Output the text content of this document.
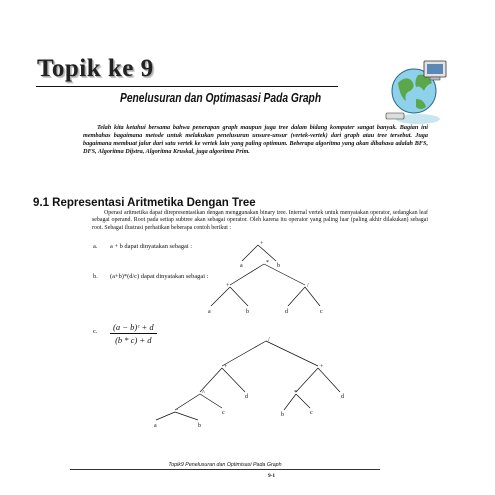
Topik ke 9
Penelusuran dan Optimasasi Pada Graph

Telah kita ketahui bersama bahwa penerapan graph maupun juga tree dalam bidang komputer sangat banyak. Bagian ini membahas bagaimana metode untuk melakukan penelusuran unsure-unsur (vertek-vertek) dari graph atau tree tersebut. Juga bagaimana membuat jalur dari satu vertek ke vertek lain yang paling optimum. Beberapa algoritma yang akan dibahasa adalah BFS, DFS, Algoritma Dijstra, Algoritma Kruskal, juga algoritma Prim.

9.1 Representasi Aritmetika Dengan Tree

Operasi aritmetika dapat direpresentasikan dengan menggunakan binary tree. Internal vertek untuk menyatakan operator, sedangkan leaf sebagai operand. Root pada setiap subtree akan sebagai operator. Oleh karena itu operator yang paling luar (paling akhir dilakukan) sebagai root. Sebagai ilustrasi perhatikan beberapa contoh berikut :

a. a + b dapat dinyatakan sebagai :
b. (a+b)*(d/c) dapat dinyatakan sebagai :
c. $\frac{\text{(a − b)ᶜ + d}}{(b * c) + d}$
+
a	b
*
+	/
a	b	d	c
/
+	+
^
d
*
d
-	c	b	c
a	b
Topik9 Penelusuran dan Optimisasi Pada Graph
9-1
